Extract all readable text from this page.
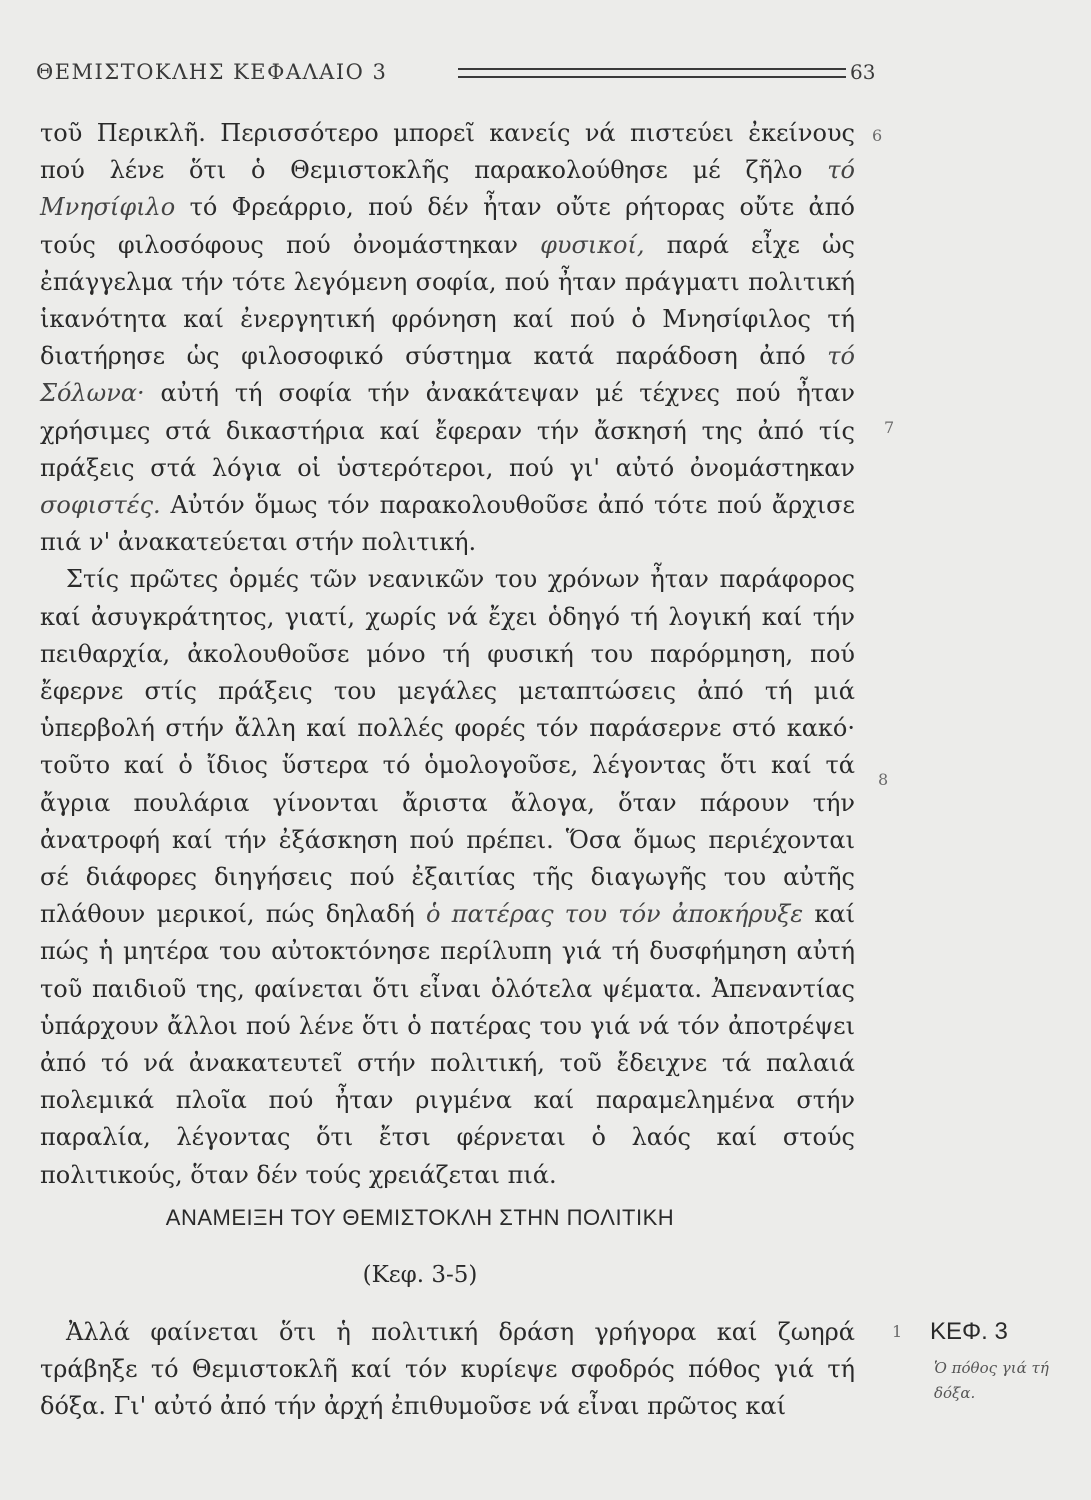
ΘΕΜΙΣΤΟΚΛΗΣ ΚΕΦΑΛΑΙΟ 3	63

τοῦ Περικλῆ. Περισσότερο μπορεῖ κανείς νά πιστεύει ἐκείνους πού λένε ὅτι ὁ Θεμιστοκλῆς παρακολούθησε μέ ζῆλο τό Μνησίφιλο τό Φρεάρριο, πού δέν ἦταν οὔτε ρήτορας οὔτε ἀπό τούς φιλοσόφους πού ὀνομάστηκαν φυσικοί, παρά εἶχε ὡς ἐπάγγελμα τήν τότε λεγόμενη σοφία, πού ἦταν πράγματι πολιτική ἱκανότητα καί ἐνεργητική φρόνηση καί πού ὁ Μνησίφιλος τή διατήρησε ὡς φιλοσοφικό σύστημα κατά παράδοση ἀπό τό Σόλωνα· αὐτή τή σοφία τήν ἀνακάτεψαν μέ τέχνες πού ἦταν χρήσιμες στά δικαστήρια καί ἔφεραν τήν ἄσκησή της ἀπό τίς πράξεις στά λόγια οἱ ὑστερότεροι, πού γι' αὐτό ὀνομάστηκαν σοφιστές. Αὐτόν ὅμως τόν παρακολουθοῦσε ἀπό τότε πού ἄρχισε πιά ν' ἀνακατεύεται στήν πολιτική.

Στίς πρῶτες ὁρμές τῶν νεανικῶν του χρόνων ἦταν παράφορος καί ἀσυγκράτητος, γιατί, χωρίς νά ἔχει ὁδηγό τή λογική καί τήν πειθαρχία, ἀκολουθοῦσε μόνο τή φυσική του παρόρμηση, πού ἔφερνε στίς πράξεις του μεγάλες μεταπτώσεις ἀπό τή μιά ὑπερβολή στήν ἄλλη καί πολλές φορές τόν παράσερνε στό κακό· τοῦτο καί ὁ ἴδιος ὕστερα τό ὁμολογοῦσε, λέγοντας ὅτι καί τά ἄγρια πουλάρια γίνονται ἄριστα ἄλογα, ὅταν πάρουν τήν ἀνατροφή καί τήν ἐξάσκηση πού πρέπει. Ὅσα ὅμως περιέχονται σέ διάφορες διηγήσεις πού ἐξαιτίας τῆς διαγωγῆς του αὐτῆς πλάθουν μερικοί, πώς δηλαδή ὁ πατέρας του τόν ἀποκήρυξε καί πώς ἡ μητέρα του αὐτοκτόνησε περίλυπη γιά τή δυσφήμηση αὐτή τοῦ παιδιοῦ της, φαίνεται ὅτι εἶναι ὁλότελα ψέματα. Ἀπεναντίας ὑπάρχουν ἄλλοι πού λένε ὅτι ὁ πατέρας του γιά νά τόν ἀποτρέψει ἀπό τό νά ἀνακατευτεῖ στήν πολιτική, τοῦ ἔδειχνε τά παλαιά πολεμικά πλοῖα πού ἦταν ριγμένα καί παραμελημένα στήν παραλία, λέγοντας ὅτι ἔτσι φέρνεται ὁ λαός καί στούς πολιτικούς, ὅταν δέν τούς χρειάζεται πιά.

ΑΝΑΜΕΙΞΗ ΤΟΥ ΘΕΜΙΣΤΟΚΛΗ ΣΤΗΝ ΠΟΛΙΤΙΚΗ
(Κεφ. 3-5)
Ἀλλά φαίνεται ὅτι ἡ πολιτική δράση γρήγορα καί ζωηρά τράβηξε τό Θεμιστοκλῆ καί τόν κυρίεψε σφοδρός πόθος γιά τή δόξα. Γι' αὐτό ἀπό τήν ἀρχή ἐπιθυμοῦσε νά εἶναι πρῶτος καί
6
7
8
1 ΚΕΦ. 3
Ὁ πόθος γιά τή δόξα.
